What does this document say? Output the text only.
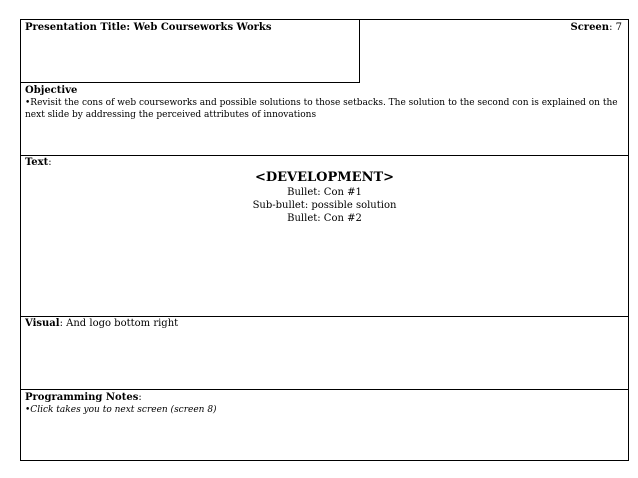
Presentation Title: Web Courseworks Works	Screen: 7
Objective
•Revisit the cons of web courseworks and possible solutions to those setbacks. The solution to the second con is explained on the next slide by addressing the perceived attributes of innovations
Text:
<DEVELOPMENT>
Bullet: Con #1
Sub-bullet: possible solution
Bullet: Con #2
Visual: And logo bottom right
Programming Notes:
•Click takes you to next screen (screen 8)
